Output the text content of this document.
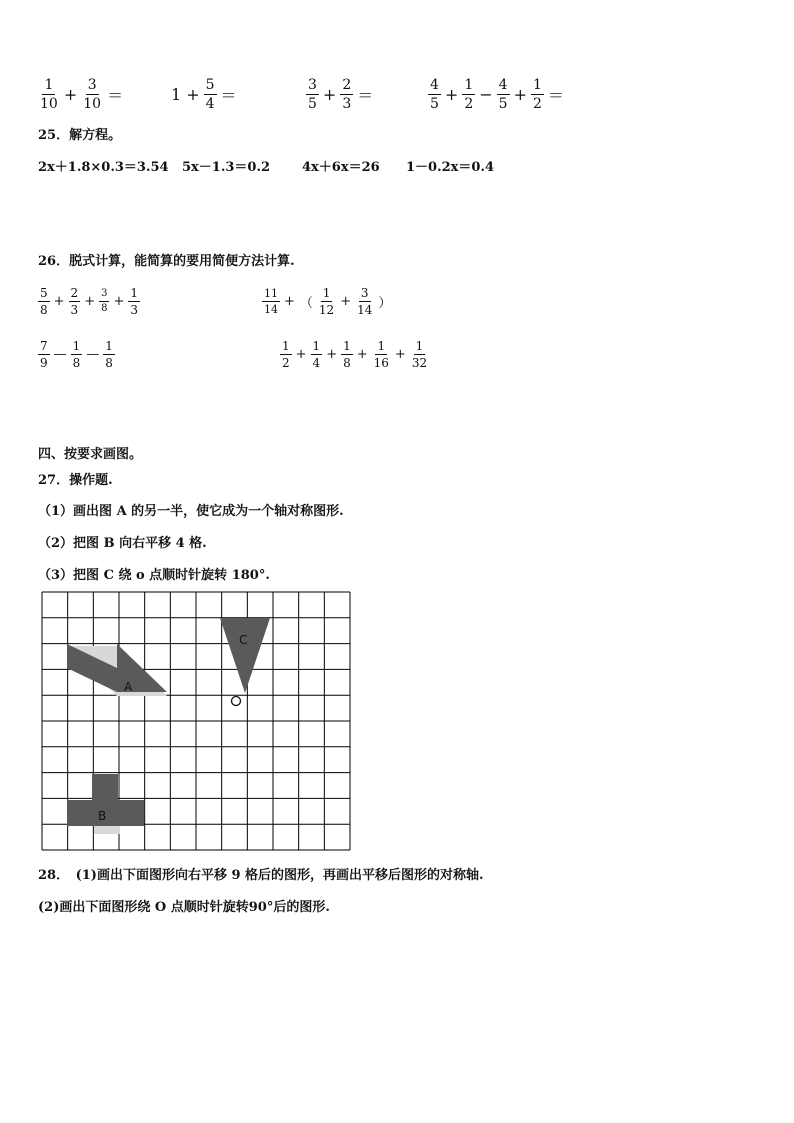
$\frac{1}{10} + \frac{3}{10}$ ＝	$1 + \frac{5}{4}$ ＝	$\frac{3}{5} + \frac{2}{3}$ ＝	$\frac{4}{5} + \frac{1}{2} - \frac{4}{5} + \frac{1}{2}$ ＝
25．解方程。
2x＋1.8×0.3＝3.54 5x－1.3＝0.2 4x＋6x＝26 1－0.2x＝0.4
26．脱式计算，能简算的要用简便方法计算.
$\frac{5}{8} + \frac{2}{3} + \frac{3}{8} + \frac{1}{3}$	$\frac{11}{14}$ + （ $\frac{1}{12} + \frac{3}{14}$ ）
$\frac{7}{9}$ — $\frac{1}{8}$ — $\frac{1}{8}$	$\frac{1}{2} + \frac{1}{4} + \frac{1}{8} + \frac{1}{16} + \frac{1}{32}$
四、按要求画图。
27．操作题.
（1）画出图 A 的另一半，使它成为一个轴对称图形.
（2）把图 B 向右平移 4 格.
（3）把图 C 绕 o 点顺时针旋转 180°.
A
B
C
28．　(1)画出下面图形向右平移 9 格后的图形，再画出平移后图形的对称轴.
(2)画出下面图形绕 O 点顺时针旋转90°后的图形.
